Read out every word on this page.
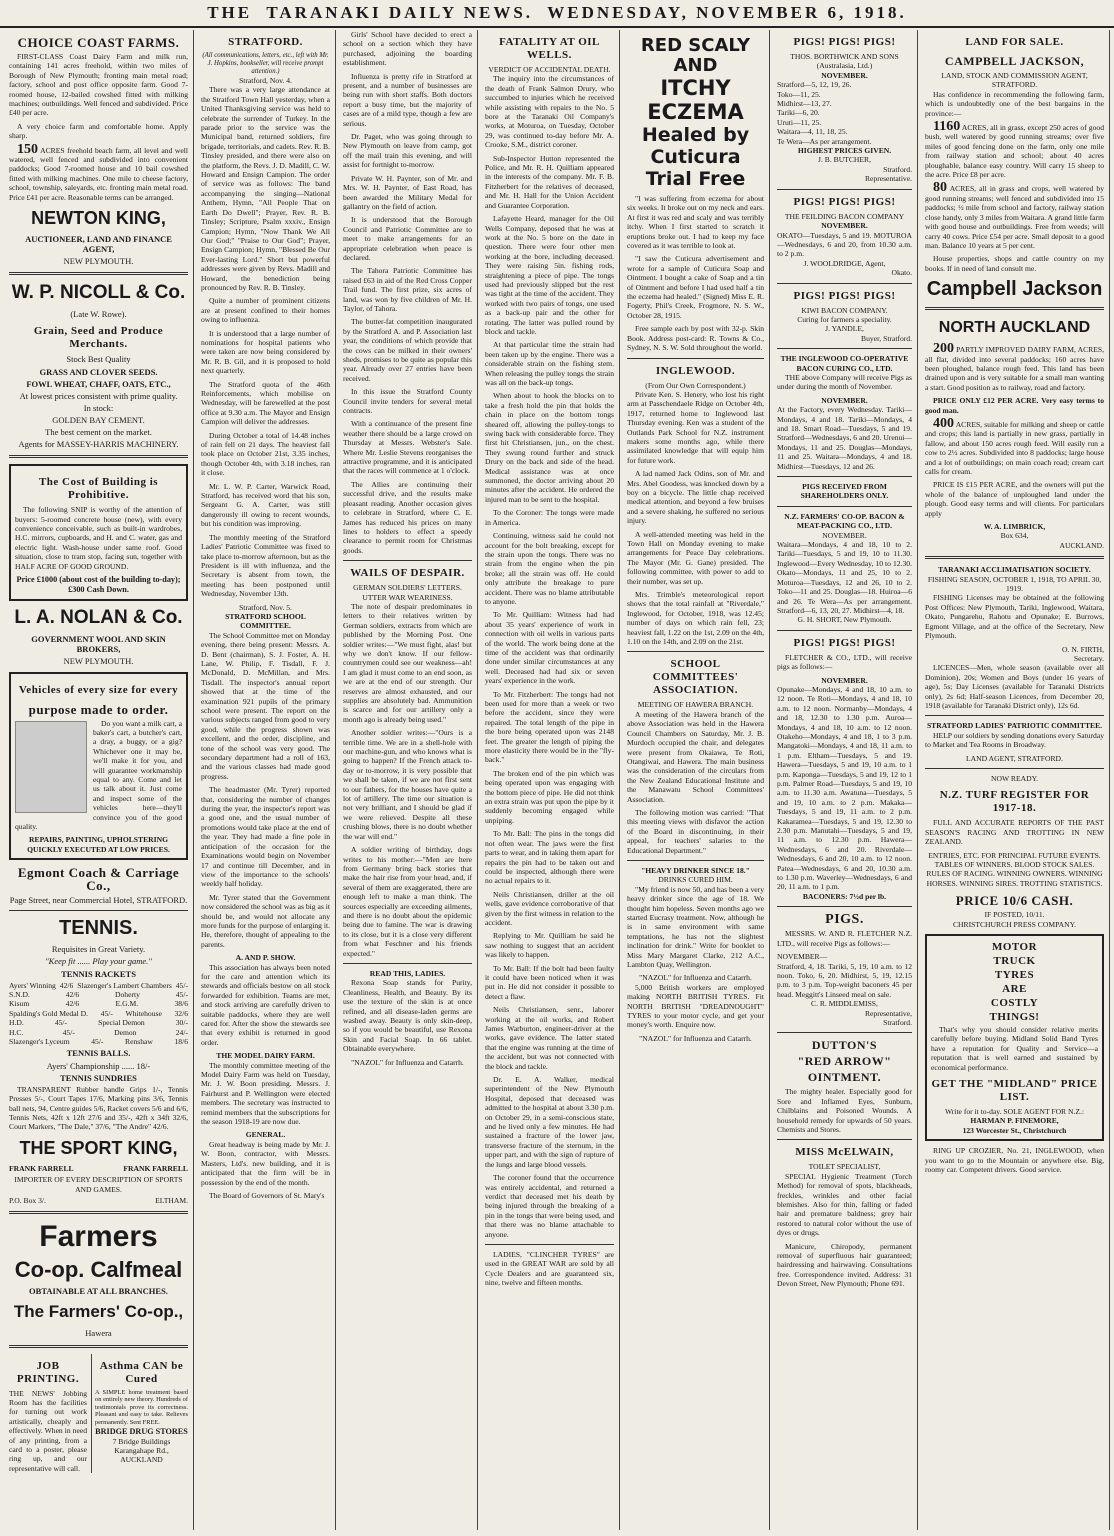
THE TARANAKI DAILY NEWS. WEDNESDAY, NOVEMBER 6, 1918.
CHOICE COAST FARMS.
FIRST-CLASS Coast Dairy Farm and milk run, containing 141 acres freehold, within two miles of Borough of New Plymouth; fronting main metal road; factory, school and post office opposite farm. Good 7-roomed house, 12-bailed cowshed fitted with milking machines; outbuildings. Well fenced and subdivided. Price £40 per acre.
A very choice farm and comfortable home. Apply sharp.
150 ACRES freehold beach farm, all level and well watered, well fenced and subdivided into convenient paddocks; Good 7-roomed house and 10 bail cowshed fitted with milking machines. One mile to cheese factory, school, township, saleyards, etc. fronting main metal road. Price £41 per acre. Reasonable terms can be arranged.
NEWTON KING,
AUCTIONEER, LAND AND FINANCE AGENT,
NEW PLYMOUTH.
W. P. NICOLL & Co.
(Late W. Rowe).
Grain, Seed and Produce Merchants.
Stock Best Quality
GRASS AND CLOVER SEEDS.
FOWL WHEAT, CHAFF, OATS, ETC.,
At lowest prices consistent with prime quality.
In stock:
GOLDEN BAY CEMENT.
The best cement on the market.
Agents for MASSEY-HARRIS MACHINERY.
The Cost of Building is Prohibitive.
The following SNIP is worthy of the attention of buyers: 5-roomed concrete house (new), with every convenience conceivable, such as built-in wardrobes, H.C. mirrors, cupboards, and H. and C. water, gas and electric light. Wash-house under same roof. Good situation, close to tram stop, facing sun, together with HALF ACRE OF GOOD GROUND.
Price £1000 (about cost of the building to-day); £300 Cash Down.
L. A. NOLAN & Co.
GOVERNMENT WOOL AND SKIN BROKERS,
NEW PLYMOUTH.
Vehicles of every size for every
purpose made to order.
Do you want a milk cart, a baker's cart, a butcher's cart, a dray, a buggy, or a gig? Whichever one it may be, we'll make it for you, and will guarantee workmanship equal to any. Come and let us talk about it. Just come and inspect some of the vehicles here—they'll convince you of the good quality.
REPAIRS, PAINTING, UPHOLSTERING QUICKLY EXECUTED AT LOW PRICES.
Egmont Coach & Carriage Co.,
Page Street, near Commercial Hotel, STRATFORD.
TENNIS.
Requisites in Great Variety.
"Keep fit ...... Play your game."
TENNIS RACKETS
Ayers' Winning 42/6 Slazenger's Lambert Chambers 45/-
S.N.D.	42/6	Doherty	45/-
Kisum	42/6	E.G.M.	38/6
Spalding's Gold Medal D. 45/- Whitehouse 32/6
H.D.	45/-	Special Demon	30/-
H.C.	45/-	Demon	24/-
Slazenger's Lyceum	45/-	Renshaw	18/6
TENNIS BALLS.
Ayers' Championship ...... 18/-
TENNIS SUNDRIES
TRANSPARENT Rubber handle Grips 1/-, Tennis Presses 5/-, Court Tapes 17/6, Marking pins 3/6, Tennis ball nets, 94, Centre guides 5/6, Racket covers 5/6 and 6/6, Tennis Nets, 42ft x 12ft 27/6 and 35/-, 42ft x 34ft 32/6, Court Markers, "The Dale," 37/6, "The Andre" 42/6.
THE SPORT KING,
FRANK FARRELL	FRANK FARRELL
IMPORTER OF EVERY DESCRIPTION OF SPORTS AND GAMES.
P.O. Box 3/.	ELTHAM.
Farmers
Co-op. Calfmeal
OBTAINABLE AT ALL BRANCHES.
The Farmers' Co-op.,
Hawera
JOB PRINTING.
THE NEWS' Jobbing Room has the facilities for turning out work artistically, cheaply and effectively. When in need of any printing, from a card to a poster, please ring up, and our representative will call.
Asthma CAN be Cured
A SIMPLE home treatment based on entirely new theory. Hundreds of testimonials prove its correctness. Pleasant and easy to take. Relieves permanently. Sent FREE.
BRIDGE DRUG STORES
7 Bridge Buildings
Karangahape Rd., AUCKLAND
STRATFORD.
(All communications, letters, etc., left with Mr. J. Hopkins, bookseller, will receive prompt attention.)
Stratford, Nov. 4.
There was a very large attendance at the Stratford Town Hall yesterday, when a United Thanksgiving service was held to celebrate the surrender of Turkey. In the parade prior to the service was the Municipal band, returned soldiers, fire brigade, territorials, and cadets. Rev. R. B. Tinsley presided, and there were also on the platform, the Revs. J. D. Madill, C. W. Howard and Ensign Campion. The order of service was as follows: The band accompanying the singing—National Anthem, Hymn, "All People That on Earth Do Dwell"; Prayer, Rev. R. B. Tinsley; Scripture, Psalm xxxiv., Ensign Campion; Hymn, "Now Thank We All Our God;" "Praise to Our God"; Prayer, Ensign Campion; Hymn, "Blessed Be Our Ever-lasting Lord." Short but powerful addresses were given by Revs. Madill and Howard, the benediction being pronounced by Rev. R. B. Tinsley.
Quite a number of prominent citizens are at present confined to their homes owing to influenza.
It is understood that a large number of nominations for hospital patients who were taken are now being considered by Mr. R. B. Gil, and it is proposed to hold next quarterly.
The Stratford quota of the 46th Reinforcements, which mobilise on Wednesday, will be farewelled at the post office at 9.30 a.m. The Mayor and Ensign Campion will deliver the addresses.
During October a total of 14.48 inches of rain fell on 21 days. The heaviest fall took place on October 21st, 3.35 inches, though October 4th, with 3.18 inches, ran it close.
Mr. L. W. P. Carter, Warwick Road, Stratford, has received word that his son, Sergeant G. A. Carter, was still dangerously ill owing to recent wounds, but his condition was improving.
The monthly meeting of the Stratford Ladies' Patriotic Committee was fixed to take place to-morrow afternoon, but as the President is ill with influenza, and the Secretary is absent from town, the meeting has been postponed until Wednesday, November 13th.
Stratford, Nov. 5.
STRATFORD SCHOOL COMMITTEE.
The School Committee met on Monday evening, there being present: Messrs. A. D. Bent (chairman), S. J. Foster, A. H. Lane, W. Philip, F. Tisdall, F. J. McDonald, D. McMillan, and Mrs. Tisdall. The inspector's annual report showed that at the time of the examination 921 pupils of the primary school were present. The report on the various subjects ranged from good to very good, while the progress shown was excellent, and the order, discipline, and tone of the school was very good. The secondary department had a roll of 163, and the various classes had made good progress.
The headmaster (Mr. Tyrer) reported that, considering the number of changes during the year, the inspector's report was a good one, and the usual number of promotions would take place at the end of the year. They had made a fine pole in anticipation of the occasion for the Examinations would begin on November 17 and continue till December, and in view of the importance to the schools' weekly half holiday.
Mr. Tyrer stated that the Government now considered the school was as big as it should be, and would not allocate any more funds for the purpose of enlarging it. He, therefore, thought of appealing to the parents.
A. AND P. SHOW.
This association has always been noted for the care and attention which its stewards and officials bestow on all stock forwarded for exhibition. Teams are met, and stock arriving are carefully driven to suitable paddocks, where they are well cared for. After the show the stewards see that every exhibit is returned in good order.
THE MODEL DAIRY FARM.
The monthly committee meeting of the Model Dairy Farm was held on Tuesday, Mr. J. W. Boon presiding. Messrs. J. Fairhurst and P. Wellington were elected members. The secretary was instructed to remind members that the subscriptions for the season 1918-19 are now due.
GENERAL.
Great headway is being made by Mr. J. W. Boon, contractor, with Messrs. Masters, Ltd's. new building, and it is anticipated that the firm will be in possession by the end of the month.
The Board of Governors of St. Mary's
Girls' School have decided to erect a school on a section which they have purchased, adjoining the boarding establishment.
Influenza is pretty rife in Stratford at present, and a number of businesses are being run with short staffs. Both doctors report a busy time, but the majority of cases are of a mild type, though a few are serious.
Dr. Paget, who was going through to New Plymouth on leave from camp, got off the mail train this evening, and will assist for fortnight to-morrow.
Private W. H. Paynter, son of Mr. and Mrs. W. H. Paynter, of East Road, has been awarded the Military Medal for gallantry on the field of action.
It is understood that the Borough Council and Patriotic Committee are to meet to make arrangements for an appropriate celebration when peace is declared.
The Tahora Patriotic Committee has raised £63 in aid of the Red Cross Copper Trail fund. The first prize, six acres of land, was won by five children of Mr. H. Taylor, of Tahora.
The butter-fat competition inaugurated by the Stratford A. and P. Association last year, the conditions of which provide that the cows can be milked in their owners' sheds, promises to be quite as popular this year. Already over 27 entries have been received.
In this issue the Stratford County Council invite tenders for several metal contracts.
With a continuance of the present fine weather there should be a large crowd on Thursday at Messrs. Webster's Sale. Where Mr. Leslie Stevens reorganises the attractive programme, and it is anticipated that the races will commence at 1 o'clock.
The Allies are continuing their successful drive, and the results make pleasant reading. Another occasion gives to celebrate in Stratford, where C. E. James has reduced his prices on many lines to holders to effect a speedy clearance to permit room for Christmas goods.
WAILS OF DESPAIR.
GERMAN SOLDIERS' LETTERS.
UTTER WAR WEARINESS.
The note of despair predominates in letters to their relatives written by German soldiers, extracts from which are published by the Morning Post. One soldier writes:—"We must fight, alas! but why we don't know. If our fellow-countrymen could see our weakness—ah! I am glad it must come to an end soon, as we are at the end of our strength. Our reserves are almost exhausted, and our supplies are absolutely bad. Ammunition is scarce and for our artillery only a month ago is already being used."
Another soldier writes:—"Ours is a terrible time. We are in a shell-hole with our machine-gun, and who knows what is going to happen? If the French attack to-day or to-morrow, it is very possible that we shall be taken, if we are not first sent to our fathers, for the houses have quite a lot of artillery. The time our situation is not very brilliant, and I should be glad if we were relieved. Despite all these crushing blows, there is no doubt whether the war will end."
A soldier writing of birthday, dogs writes to his mother:—"Men are here from Germany bring back stories that make the hair rise from your head, and, if several of them are exaggerated, there are enough left to make a man think. The sources especially are exceeding ailments, and there is no doubt about the epidemic being due to famine. The war is drawing to its close, but it is a close very different from what Feschner and his friends expected."
READ THIS, LADIES.
Rexona Soap stands for Purity, Cleanliness, Health, and Beauty. By its use the texture of the skin is at once refined, and all disease-laden germs are washed away. Beauty is only skin-deep, so if you would be beautiful, use Rexona Skin and Facial Soap. In 66 tablet. Obtainable everywhere.
"NAZOL" for Influenza and Catarrh.
FATALITY AT OIL WELLS.
VERDICT OF ACCIDENTAL DEATH.
The inquiry into the circumstances of the death of Frank Salmon Drury, who succumbed to injuries which he received while assisting with repairs to the No. 5 bore at the Taranaki Oil Company's works, at Moturoa, on Tuesday, October 29, was continued to-day before Mr. A. Crooke, S.M., district coroner.
Sub-Inspector Hutton represented the Police, and Mr. R. H. Quilliam appeared in the interests of the company. Mr. F. B. Fitzherbert for the relatives of deceased, and Mr. H. Hall for the Union Accident and Guarantee Corporation.
Lafayette Heard, manager for the Oil Wells Company, deposed that he was at work at the No. 5 bore on the date in question. There were four other men working at the bore, including deceased. They were raising 5in. fishing rods, straightening a piece of pipe. The tongs used had previously slipped but the rest was tight at the time of the accident. They worked with two pairs of tongs, one used as a back-up pair and the other for rotating. The latter was pulled round by block and tackle.
At that particular time the strain had been taken up by the engine. There was a considerable strain on the fishing stem. When releasing the pulley tongs the strain was all on the back-up tongs.
When about to hook the blocks on to take a fresh hold the pin that holds the chain in place on the bottom tongs sheared off, allowing the pulley-tongs to swing back with considerable force. They first hit Christiansen, jun., on the chest. They swung round further and struck Drury on the back and side of the head. Medical assistance was at once summoned, the doctor arriving about 20 minutes after the accident. He ordered the injured man to be sent to the hospital.
To the Coroner: The tongs were made in America.
Continuing, witness said he could not account for the bolt breaking, except for the strain upon the tongs. There was no strain from the engine when the pin broke; all the strain was off. He could only attribute the breakage to pure accident. There was no blame attributable to anyone.
To Mr. Quilliam: Witness had had about 35 years' experience of work in connection with oil wells in various parts of the world. The work being done at the time of the accident was that ordinarily done under similar circumstances at any well. Deceased had had six or seven years' experience in the work.
To Mr. Fitzherbert: The tongs had not been used for more than a week or two before the accident, since they were repaired. The total length of the pipe in the bore being operated upon was 2148 feet. The greater the length of piping the more elasticity there would be in the "fly-back."
The broken end of the pin which was being operated upon was engaging with the bottom piece of pipe. He did not think an extra strain was put upon the pipe by it suddenly becoming engaged while unpiping.
To Mr. Ball: The pins in the tongs did not often wear. The jaws were the first parts to wear, and in taking them apart for repairs the pin had to be taken out and could be inspected, although there were no actual repairs to it.
Neils Christiansen, driller at the oil wells, gave evidence corroborative of that given by the first witness in relation to the accident.
Replying to Mr. Quilliam he said he saw nothing to suggest that an accident was likely to happen.
To Mr. Ball: If the bolt had been faulty it could have been noticed when it was put in. He did not consider it possible to detect a flaw.
Neils Christiansen, senr., laborer working at the oil works, and Robert James Warburton, engineer-driver at the works, gave evidence. The latter stated that the engine was running at the time of the accident, but was not connected with the block and tackle.
Dr. E. A. Walker, medical superintendent of the New Plymouth Hospital, deposed that deceased was admitted to the hospital at about 3.30 p.m. on October 29, in a semi-conscious state, and he lived only a few minutes. He had sustained a fracture of the lower jaw, transverse fracture of the sternum, in the upper part, and with the sign of rupture of the lungs and large blood vessels.
The coroner found that the occurrence was entirely accidental, and returned a verdict that deceased met his death by being injured through the breaking of a pin in the tongs that were being used, and that there was no blame attachable to anyone.
LADIES, "CLINCHER TYRES" are used in the GREAT WAR are sold by all Cycle Dealers and are guaranteed six, nine, twelve and fifteen months.
RED SCALY AND
ITCHY ECZEMA
Healed by Cuticura
Trial Free
"I was suffering from eczema for about six weeks. It broke out on my neck and ears. At first it was red and scaly and was terribly itchy. When I first started to scratch it eruptions broke out. I had to keep my face covered as it was terrible to look at.
"I saw the Cuticura advertisement and wrote for a sample of Cuticura Soap and Ointment. I bought a cake of Soap and a tin of Ointment and before I had used half a tin the eczema had healed." (Signed) Miss E. R. Fogerty, Phil's Creek, Frogmore, N. S. W., October 28, 1915.
Free sample each by post with 32-p. Skin Book. Address post-card: R. Towns & Co., Sydney, N. S. W. Sold throughout the world.
INGLEWOOD.
(From Our Own Correspondent.)
Private Ken. S. Henery, who lost his right arm at Passchendaele Ridge on October 4th, 1917, returned home to Inglewood last Thursday evening. Ken was a student of the Outlands Park School for N.Z. instrument makers some months ago, while there assimilated knowledge that will equip him for future work.
A lad named Jack Odins, son of Mr. and Mrs. Abel Goodess, was knocked down by a boy on a bicycle. The little chap received medical attention, and beyond a few bruises and a severe shaking, he suffered no serious injury.
A well-attended meeting was held in the Town Hall on Monday evening to make arrangements for Peace Day celebrations. The Mayor (Mr. G. Gane) presided. The following committee, with power to add to their number, was set up.
Mrs. Trimble's meteorological report shows that the total rainfall at "Riverdale," Inglewood, for October, 1918, was 12.45; number of days on which rain fell, 23; heaviest fall, 1.22 on the 1st, 2.09 on the 4th, 1.10 on the 14th, and 2.09 on the 21st.
SCHOOL COMMITTEES' ASSOCIATION.
MEETING OF HAWERA BRANCH.
A meeting of the Hawera branch of the above Association was held in the Hawera Council Chambers on Saturday, Mr. J. B. Murdoch occupied the chair, and delegates were present from Okaiawa, Te Roti, Otangiwai, and Hawera. The main business was the consideration of the circulars from the New Zealand Educational Institute and the Manawatu School Committees' Association.
The following motion was carried: "That this meeting views with disfavor the action of the Board in discontinuing, in their appeal, for teachers' salaries to the Educational Department."
"HEAVY DRINKER SINCE 18."
DRINKS CURED HIM.
"My friend is now 50, and has been a very heavy drinker since the age of 18. We thought him hopeless. Seven months ago we started Eucrasy treatment. Now, although he is in same environment with same temptations, he has not the slightest inclination for drink." Write for booklet to Miss Mary Margaret Clarke, 212 A.C., Lambton Quay, Wellington.
"NAZOL" for Influenza and Catarrh.
5,000 British workers are employed making NORTH BRITISH TYRES. Fit NORTH BRITISH "DREADNOUGHT" TYRES to your motor cycle, and get your money's worth. Enquire now.
"NAZOL" for Influenza and Catarrh.
PIGS! PIGS! PIGS!
THOS. BORTHWICK AND SONS (Australasia, Ltd.)
NOVEMBER.
Stratford—5, 12, 19, 26.
Toko—11, 25.
Midhirst—13, 27.
Tariki—6, 20.
Uruti—11, 25.
Waitara—4, 11, 18, 25.
Te Wera—As per arrangement.
HIGHEST PRICES GIVEN.
J. B. BUTCHER,
Stratford.
Representative.
PIGS! PIGS! PIGS!
THE FEILDING BACON COMPANY
NOVEMBER.
OKATO—Tuesdays, 5 and 19. MOTUROA—Wednesdays, 6 and 20, from 10.30 a.m. to 2 p.m.
J. WOOLDRIDGE, Agent,
Okato.
PIGS! PIGS! PIGS!
KIWI BACON COMPANY.
Curing for farmers a speciality.
J. YANDLE,
Buyer, Stratford.
THE INGLEWOOD CO-OPERATIVE BACON CURING CO., LTD.
THE above Company will receive Pigs as under during the month of November.
NOVEMBER.
At the Factory, every Wednesday. Tariki—Mondays, 4 and 18. Tariki—Mondays, 4 and 18. Smart Road—Tuesdays, 5 and 19. Stratford—Wednesdays, 6 and 20. Urenui—Mondays, 11 and 25. Douglas—Mondays, 11 and 25. Waitara—Mondays, 4 and 18. Midhirst—Tuesdays, 12 and 26.
PIGS RECEIVED FROM SHAREHOLDERS ONLY.
N.Z. FARMERS' CO-OP. BACON & MEAT-PACKING CO., LTD.
NOVEMBER.
Waitara—Mondays, 4 and 18, 10 to 2. Tariki—Tuesdays, 5 and 19, 10 to 11.30. Inglewood—Every Wednesday, 10 to 12.30. Okato—Mondays, 11 and 25, 10 to 2. Moturoa—Tuesdays, 12 and 26, 10 to 2. Toko—11 and 25. Douglas—18. Huiroa—6 and 26. Te Wera—As per arrangement. Stratford—6, 13, 20, 27. Midhirst—4, 18.
G. H. SHORT, New Plymouth.
PIGS! PIGS! PIGS!
FLETCHER & CO., LTD., will receive pigs as follows:—
NOVEMBER.
Opunake—Mondays, 4 and 18, 10 a.m. to 12 noon. Te Roti—Mondays, 4 and 18, 10 a.m. to 12 noon. Normanby—Mondays, 4 and 18, 12.30 to 1.30 p.m. Auroa—Mondays, 4 and 18, 10 a.m. to 12 noon. Otakeho—Mondays, 4 and 18, 1 to 3 p.m. Mangatoki—Mondays, 4 and 18, 11 a.m. to 1 p.m. Eltham—Tuesdays, 5 and 19. Hawera—Tuesdays, 5 and 19, 10 a.m. to 1 p.m. Kaponga—Tuesdays, 5 and 19, 12 to 1 p.m. Palmer Road—Tuesdays, 5 and 19, 10 a.m. to 11.30 a.m. Awatuna—Tuesdays, 5 and 19, 10 a.m. to 2 p.m. Makaka—Tuesdays, 5 and 19, 11 a.m. to 2 p.m. Kakaramea—Tuesdays, 5 and 19, 12.30 to 2.30 p.m. Manutahi—Tuesdays, 5 and 19, 11 a.m. to 12.30 p.m. Hawera—Wednesdays, 6 and 20. Riverdale—Wednesdays, 6 and 20, 10 a.m. to 12 noon. Patea—Wednesdays, 6 and 20, 10.30 a.m. to 1.30 p.m. Waverley—Wednesdays, 6 and 20, 11 a.m. to 1 p.m.
BACONERS: 7½d per lb.
PIGS.
MESSRS. W. AND R. FLETCHER N.Z. LTD., will receive Pigs as follows:—
NOVEMBER—
Stratford, 4, 18. Tariki, 5, 19, 10 a.m. to 12 noon. Toko, 6, 20. Midhirst, 5, 19, 12.15 p.m. to 3 p.m. Top-weight baconers 45 per head. Meggitt's Linseed meal on sale.
C. R. MIDDLEMISS,
Representative,
Stratford.
DUTTON'S
"RED ARROW"
OINTMENT.
The mighty healer. Especially good for Sore and Inflamed Eyes, Sunburn, Chilblains and Poisoned Wounds. A household remedy for upwards of 50 years. Chemists and Stores.
MISS McELWAIN,
TOILET SPECIALIST,
SPECIAL Hygienic Treatment (Torch Method) for removal of spots, blackheads, freckles, wrinkles and other facial blemishes. Also for thin, falling or faded hair and premature baldness; grey hair restored to natural color without the use of dyes or drugs.
Manicure, Chiropody, permanent removal of superfluous hair guaranteed; hairdressing and hairwaving. Consultations free. Correspondence invited. Address: 31 Devon Street, New Plymouth; Phone 691.
LAND FOR SALE.
CAMPBELL JACKSON,
LAND, STOCK AND COMMISSION AGENT, STRATFORD.
Has confidence in recommending the following farm, which is undoubtedly one of the best bargains in the province:—
1160 ACRES, all in grass, except 250 acres of good bush, well watered by good running streams; over five miles of good fencing done on the farm, only one mile from railway station and school; about 40 acres ploughable, balance easy country. Will carry 15 sheep to the acre. Price £8 per acre.
80 ACRES, all in grass and crops, well watered by good running streams; well fenced and subdivided into 15 paddocks; ½ mile from school and factory, railway station close handy, only 3 miles from Waitara. A grand little farm with good house and outbuildings. Free from weeds; will carry 40 cows. Price £54 per acre. Small deposit to a good man. Balance 10 years at 5 per cent.
House properties, shops and cattle country on my books. If in need of land consult me.
Campbell Jackson
NORTH AUCKLAND
200 PARTLY IMPROVED DAIRY FARM, ACRES, all flat, divided into several paddocks; 160 acres have been ploughed, balance rough feed. This land has been drained upon and is very suitable for a small man wanting a start. Good position as to railway, road and factory.
PRICE ONLY £12 PER ACRE. Very easy terms to good man.
400 ACRES, suitable for milking and sheep or cattle and crops; this land is partially in new grass, partially in fallow, and about 150 acres rough feed. Will easily run a cow to 2½ acres. Subdivided into 8 paddocks; large house and a lot of outbuildings; on main coach road; cream cart calls for cream.
PRICE IS £15 PER ACRE, and the owners will put the whole of the balance of unploughed land under the plough. Good easy terms and will clients. For particulars apply
W. A. LIMBRICK,
Box 634,
AUCKLAND.
TARANAKI ACCLIMATISATION SOCIETY.
FISHING SEASON, OCTOBER 1, 1918, TO APRIL 30, 1919.
FISHING Licenses may be obtained at the following Post Offices: New Plymouth, Tariki, Inglewood, Waitara, Okato, Pungarehu, Rahotu and Opunake; E. Burrows, Egmont Village, and at the office of the Secretary, New Plymouth.
O. N. FIRTH,
Secretary.
LICENCES—Men, whole season (available over all Dominion), 20s; Women and Boys (under 16 years of age), 5s; Day Licenses (available for Taranaki Districts only), 2s 6d; Half-season Licences, from December 20, 1918 (available for Taranaki District only), 12s 6d.
STRATFORD LADIES' PATRIOTIC COMMITTEE.
HELP our soldiers by sending donations every Saturday to Market and Tea Rooms in Broadway.
LAND AGENT, STRATFORD.
NOW READY.
N.Z. TURF REGISTER FOR 1917-18.
FULL AND ACCURATE REPORTS OF THE PAST SEASON'S RACING AND TROTTING IN NEW ZEALAND.
ENTRIES, ETC. FOR PRINCIPAL FUTURE EVENTS. TABLES OF WINNERS. BLOOD STOCK SALES. RULES OF RACING. WINNING OWNERS. WINNING HORSES. WINNING SIRES. TROTTING STATISTICS.
PRICE 10/6 CASH.
IF POSTED, 10/11.
CHRISTCHURCH PRESS COMPANY.
MOTOR
TRUCK
TYRES
ARE
COSTLY
THINGS!
That's why you should consider relative merits carefully before buying. Midland Solid Band Tyres have a reputation for Quality and Service—a reputation that is well earned and sustained by economical performance.
GET THE "MIDLAND" PRICE LIST.
Write for it to-day. SOLE AGENT FOR N.Z.:
HARMAN P. FINEMORE,
123 Worcester St., Christchurch
RING UP CROZIER, No. 21, INGLEWOOD, when you want to go to the Mountain or anywhere else. Big, roomy car. Competent drivers. Good service.
